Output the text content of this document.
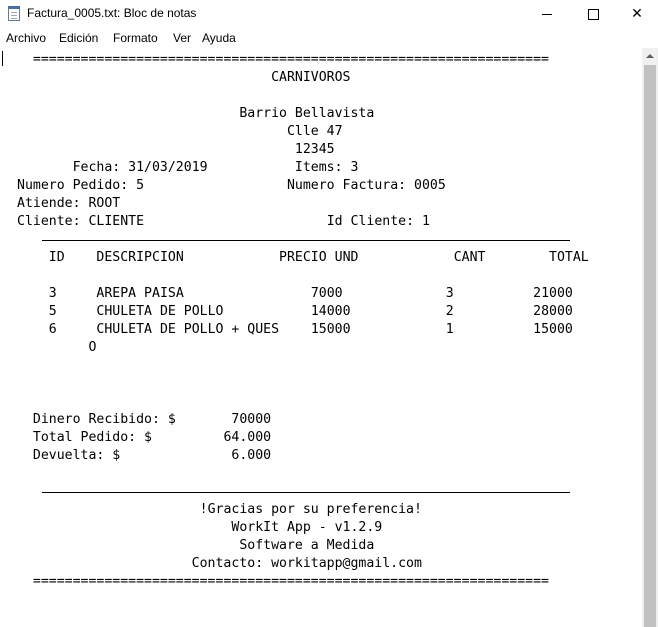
Factura_0005.txt: Bloc de notas	✕
Archivo Edición Formato Ver Ayuda
=================================================================
CARNIVOROS
Barrio Bellavista
Clle 47
12345
Fecha: 31/03/2019	Items: 3
Numero Pedido: 5	Numero Factura: 0005
Atiende: ROOT
Cliente: CLIENTE	Id Cliente: 1
ID DESCRIPCION	PRECIO UND	CANT	TOTAL
3	AREPA PAISA	7000	3	21000
5	CHULETA DE POLLO	14000	2	28000
6	CHULETA DE POLLO + QUES 15000	1	15000
O
Dinero Recibido: $	70000
Total Pedido: $	64.000
Devuelta: $	6.000
!Gracias por su preferencia!
WorkIt App - v1.2.9
Software a Medida
Contacto: workitapp@gmail.com
=================================================================
